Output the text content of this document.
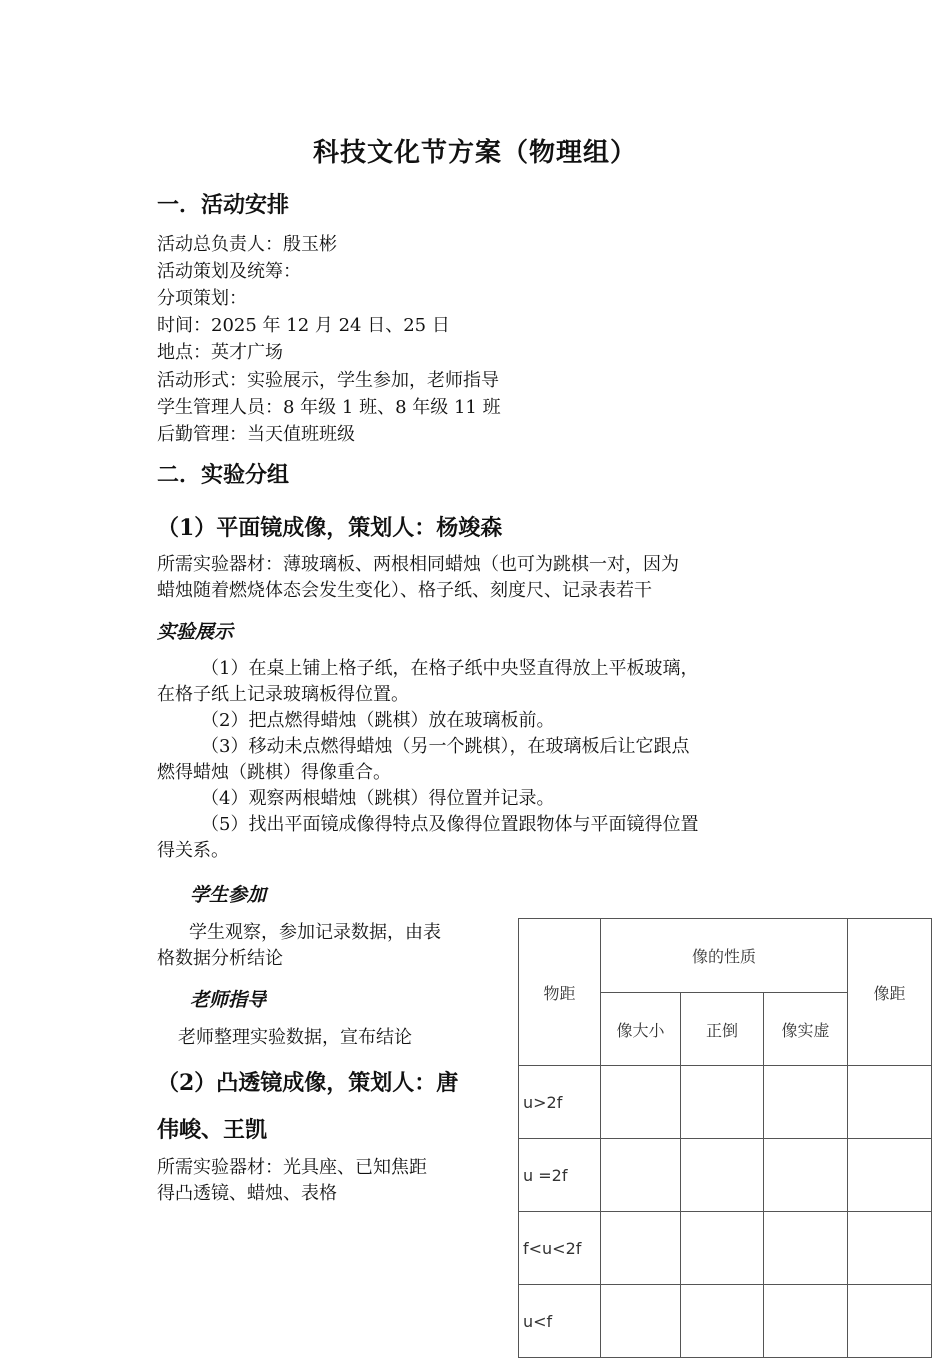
科技文化节方案（物理组）
一．活动安排
活动总负责人：殷玉彬
活动策划及统筹：
分项策划：
时间：2025 年 12 月 24 日、25 日
地点：英才广场
活动形式：实验展示，学生参加，老师指导
学生管理人员：8 年级 1 班、8 年级 11 班
后勤管理：当天值班班级
二．实验分组
（1）平面镜成像，策划人：杨竣森
所需实验器材：薄玻璃板、两根相同蜡烛（也可为跳棋一对，因为
蜡烛随着燃烧体态会发生变化）、格子纸、刻度尺、记录表若干
实验展示
（1）在桌上铺上格子纸，在格子纸中央竖直得放上平板玻璃，
在格子纸上记录玻璃板得位置。
（2）把点燃得蜡烛（跳棋）放在玻璃板前。
（3）移动未点燃得蜡烛（另一个跳棋），在玻璃板后让它跟点
燃得蜡烛（跳棋）得像重合。
（4）观察两根蜡烛（跳棋）得位置并记录。
（5）找出平面镜成像得特点及像得位置跟物体与平面镜得位置
得关系。
学生参加
学生观察，参加记录数据，由表
格数据分析结论
老师指导
老师整理实验数据，宣布结论
（2）凸透镜成像，策划人：唐
伟峻、王凯
所需实验器材：光具座、已知焦距
得凸透镜、蜡烛、表格
物距	像的性质			像距
	像大小	正倒	像实虚	
u>2f				
u =2f				
f<u<2f				
u<f				
